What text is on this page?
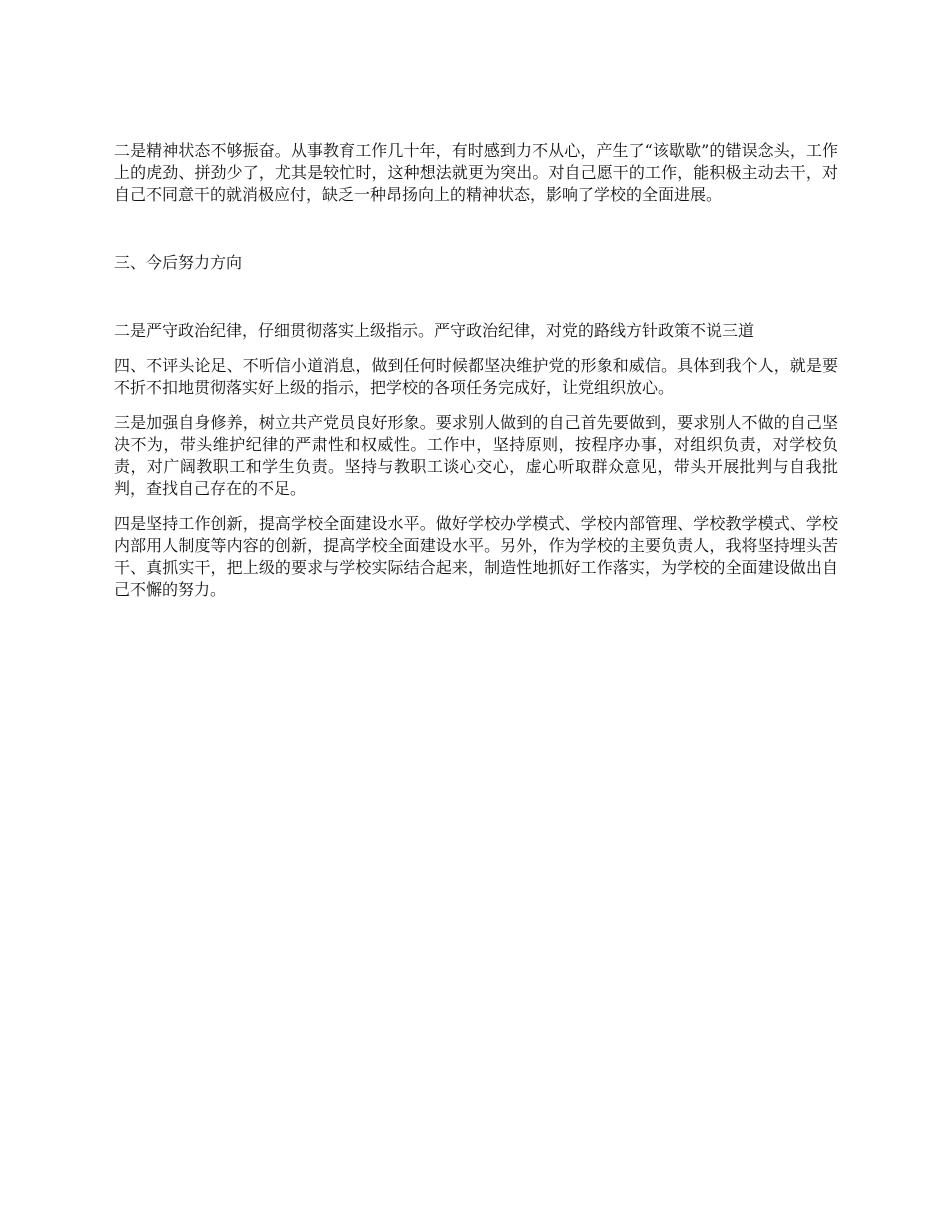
二是精神状态不够振奋。从事教育工作几十年，有时感到力不从心，产生了“该歇歇”的错误念头，工作上的虎劲、拼劲少了，尤其是较忙时，这种想法就更为突出。对自己愿干的工作，能积极主动去干，对自己不同意干的就消极应付，缺乏一种昂扬向上的精神状态，影响了学校的全面进展。

三、今后努力方向

二是严守政治纪律，仔细贯彻落实上级指示。严守政治纪律，对党的路线方针政策不说三道

四、不评头论足、不听信小道消息，做到任何时候都坚决维护党的形象和威信。具体到我个人，就是要不折不扣地贯彻落实好上级的指示，把学校的各项任务完成好，让党组织放心。

三是加强自身修养，树立共产党员良好形象。要求别人做到的自己首先要做到，要求别人不做的自己坚决不为，带头维护纪律的严肃性和权威性。工作中，坚持原则，按程序办事，对组织负责，对学校负责，对广阔教职工和学生负责。坚持与教职工谈心交心，虚心听取群众意见，带头开展批判与自我批判，查找自己存在的不足。

四是坚持工作创新，提高学校全面建设水平。做好学校办学模式、学校内部管理、学校教学模式、学校内部用人制度等内容的创新，提高学校全面建设水平。另外，作为学校的主要负责人，我将坚持埋头苦干、真抓实干，把上级的要求与学校实际结合起来，制造性地抓好工作落实，为学校的全面建设做出自己不懈的努力。
